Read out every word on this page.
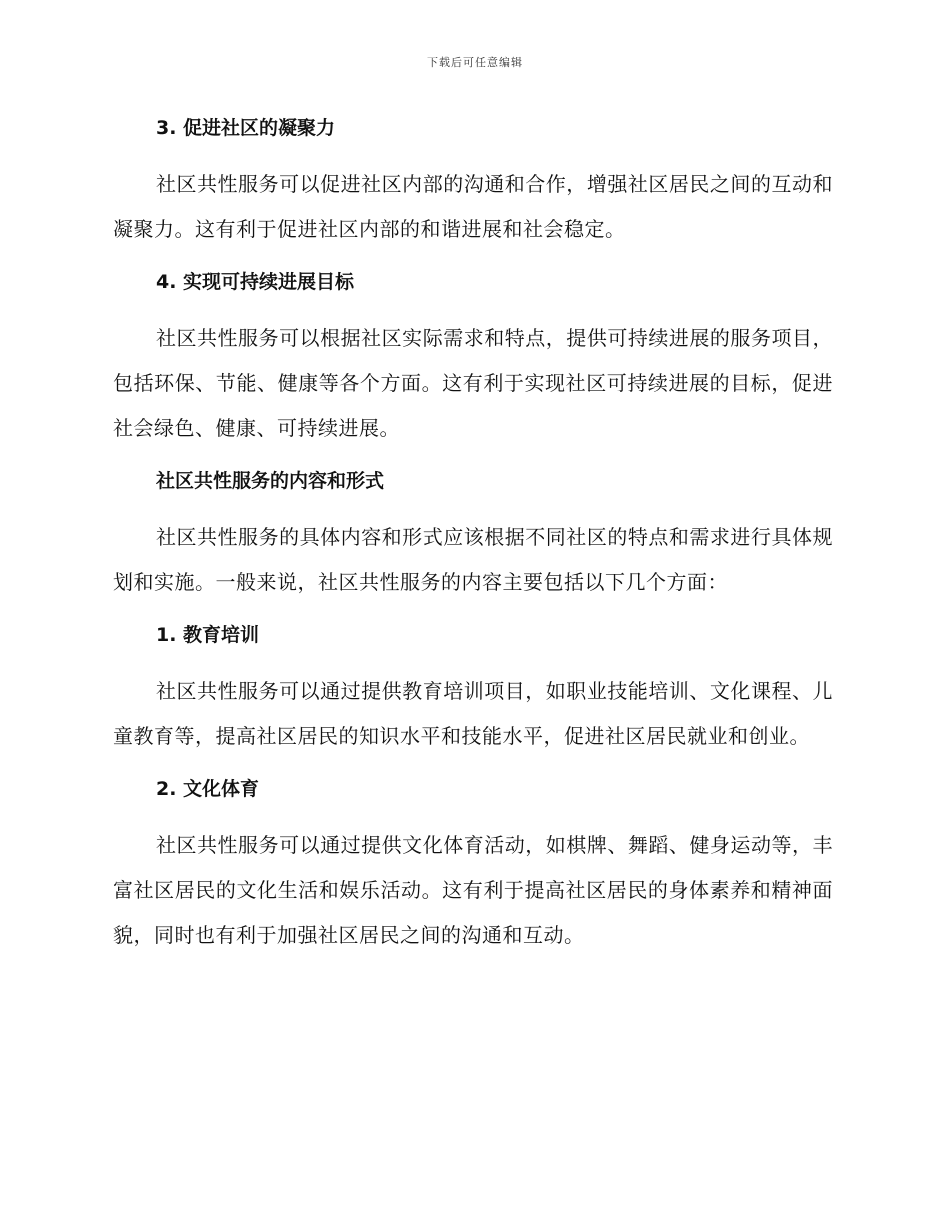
下载后可任意编辑
3. 促进社区的凝聚力

社区共性服务可以促进社区内部的沟通和合作，增强社区居民之间的互动和凝聚力。这有利于促进社区内部的和谐进展和社会稳定。

4. 实现可持续进展目标

社区共性服务可以根据社区实际需求和特点，提供可持续进展的服务项目，包括环保、节能、健康等各个方面。这有利于实现社区可持续进展的目标，促进社会绿色、健康、可持续进展。

社区共性服务的内容和形式

社区共性服务的具体内容和形式应该根据不同社区的特点和需求进行具体规划和实施。一般来说，社区共性服务的内容主要包括以下几个方面：

1. 教育培训

社区共性服务可以通过提供教育培训项目，如职业技能培训、文化课程、儿童教育等，提高社区居民的知识水平和技能水平，促进社区居民就业和创业。

2. 文化体育

社区共性服务可以通过提供文化体育活动，如棋牌、舞蹈、健身运动等，丰富社区居民的文化生活和娱乐活动。这有利于提高社区居民的身体素养和精神面貌，同时也有利于加强社区居民之间的沟通和互动。
